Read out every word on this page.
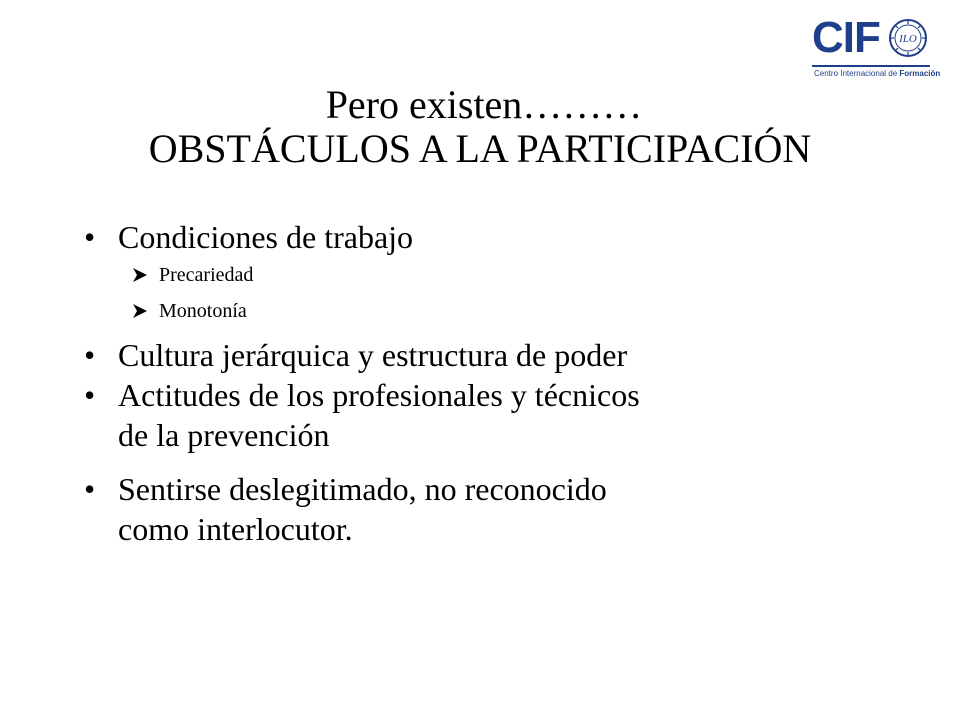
CIF ILO
Centro Internacional de Formación
Pero existen………
OBSTÁCULOS A LA PARTICIPACIÓN
• Condiciones de trabajo
Precariedad
Monotonía
• Cultura jerárquica y estructura de poder
• Actitudes de los profesionales y técnicos
de la prevención
• Sentirse deslegitimado, no reconocido
como interlocutor.
